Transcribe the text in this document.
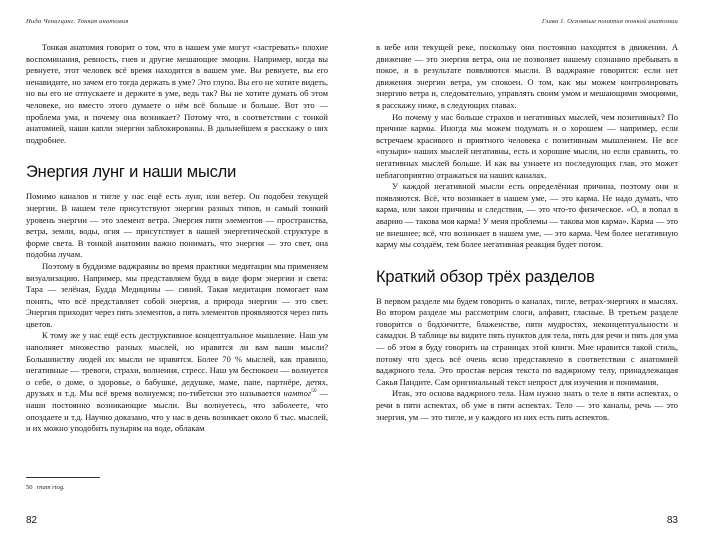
Нида Ченагцанг. Тонкая анатомия

Тонкая анатомия говорит о том, что в нашем уме могут «застревать» плохие воспоминания, ревность, гнев и другие мешающие эмоции. Например, когда вы ревнуете, этот человек всё время находится в вашем уме. Вы ревнуете, вы его ненавидите, но зачем его тогда держать в уме? Это глупо. Вы его не хотите видеть, но вы его не отпускаете и держите в уме, ведь так? Вы не хотите думать об этом человеке, но вместо этого думаете о нём всё больше и больше. Вот это — проблема ума, и почему она возникает? Потому что, в соответствии с тонкой анатомией, наши капли энергии заблокированы. В дальнейшем я расскажу о них подробнее.

Энергия лунг и наши мысли

Помимо каналов и тигле у нас ещё есть лунг, или ветер. Он подобен текущей энергии. В нашем теле присутствуют энергии разных типов, и самый тонкий уровень энергии — это элемент ветра. Энергия пяти элементов — пространства, ветра, земли, воды, огня — присутствует в нашей энергетической структуре в форме света. В тонкой анатомии важно понимать, что энергия — это свет, она подобна лучам.

Поэтому в буддизме ваджраяны во время практики медитации мы применяем визуализацию. Например, мы представляем будд в виде форм энергии и света: Тара — зелёная, Будда Медицины — синий. Такая медитация помогает нам понять, что всё представляет собой энергия, а природа энергии — это свет. Энергия приходит через пять элементов, а пять элементов проявляются через пять цветов.

К тому же у нас ещё есть деструктивное концептуальное мышление. Наш ум наполняет множество разных мыслей, но нравятся ли вам ваши мысли? Большинству людей их мысли не нравятся. Более 70 % мыслей, как правило, негативные — тревоги, страхи, волнения, стресс. Наш ум беспокоен — волнуется о себе, о доме, о здоровье, о бабушке, дедушке, маме, папе, партнёре, детях, друзьях и т.д. Мы всё время волнуемся; по-тибетски это называется намтог$^{50}$ — наши постоянно возникающие мысли. Вы волнуетесь, что заболеете, что опоздаете и т.д. Научно доказано, что у нас в день возникает около 6 тыс. мыслей, и их можно уподобить пузырям на воде, облакам

50 rnam rtog.
82
Глава 1. Основные понятия тонкой анатомии

в небе или текущей реке, поскольку они постоянно находятся в движении. А движение — это энергия ветра, она не позволяет нашему сознанию пребывать в покое, и в результате появляются мысли. В ваджраяне говорится: если нет движения энергии ветра, ум спокоен. О том, как мы можем контролировать энергию ветра и, следовательно, управлять своим умом и мешающими эмоциями, я расскажу ниже, в следующих главах.

Но почему у нас больше страхов и негативных мыслей, чем позитивных? По причине кармы. Иногда мы можем подумать и о хорошем — например, если встречаем красивого и приятного человека с позитивным мышлением. Не все «пузыри» наших мыслей негативны, есть и хорошие мысли, но если сравнить, то негативных мыслей больше. И как вы узнаете из последующих глав, это может неблагоприятно отражаться на наших каналах.

У каждой негативной мысли есть определённая причина, поэтому они и появляются. Всё, что возникает в нашем уме, — это карма. Не надо думать, что карма, или закон причины и следствия, — это что-то физическое. «О, я попал в аварию — такова моя карма! У меня проблемы — такова моя карма». Карма — это не внешнее; всё, что возникает в нашем уме, — это карма. Чем более негативную карму мы создаём, тем более негативная реакция будет потом.

Краткий обзор трёх разделов

В первом разделе мы будем говорить о каналах, тигле, ветрах-энергиях и мыслях. Во втором разделе мы рассмотрим слоги, алфавит, гласные. В третьем разделе говорится о бодхичитте, блаженстве, пяти мудростях, неконцептуальности и самадхи. В таблице вы видите пять пунктов для тела, пять для речи и пять для ума — об этом я буду говорить на страницах этой книги. Мне нравится такой стиль, потому что здесь всё очень ясно представлено в соответствии с анатомией ваджрного тела. Это простая версия текста по ваджрному телу, принадлежащая Сакья Пандите. Сам оригинальный текст непрост для изучения и понимания.

Итак, это основа ваджрного тела. Нам нужно знать о теле в пяти аспектах, о речи в пяти аспектах, об уме в пяти аспектах. Тело — это каналы, речь — это энергия, ум — это тигле, и у каждого из них есть пять аспектов.

83
